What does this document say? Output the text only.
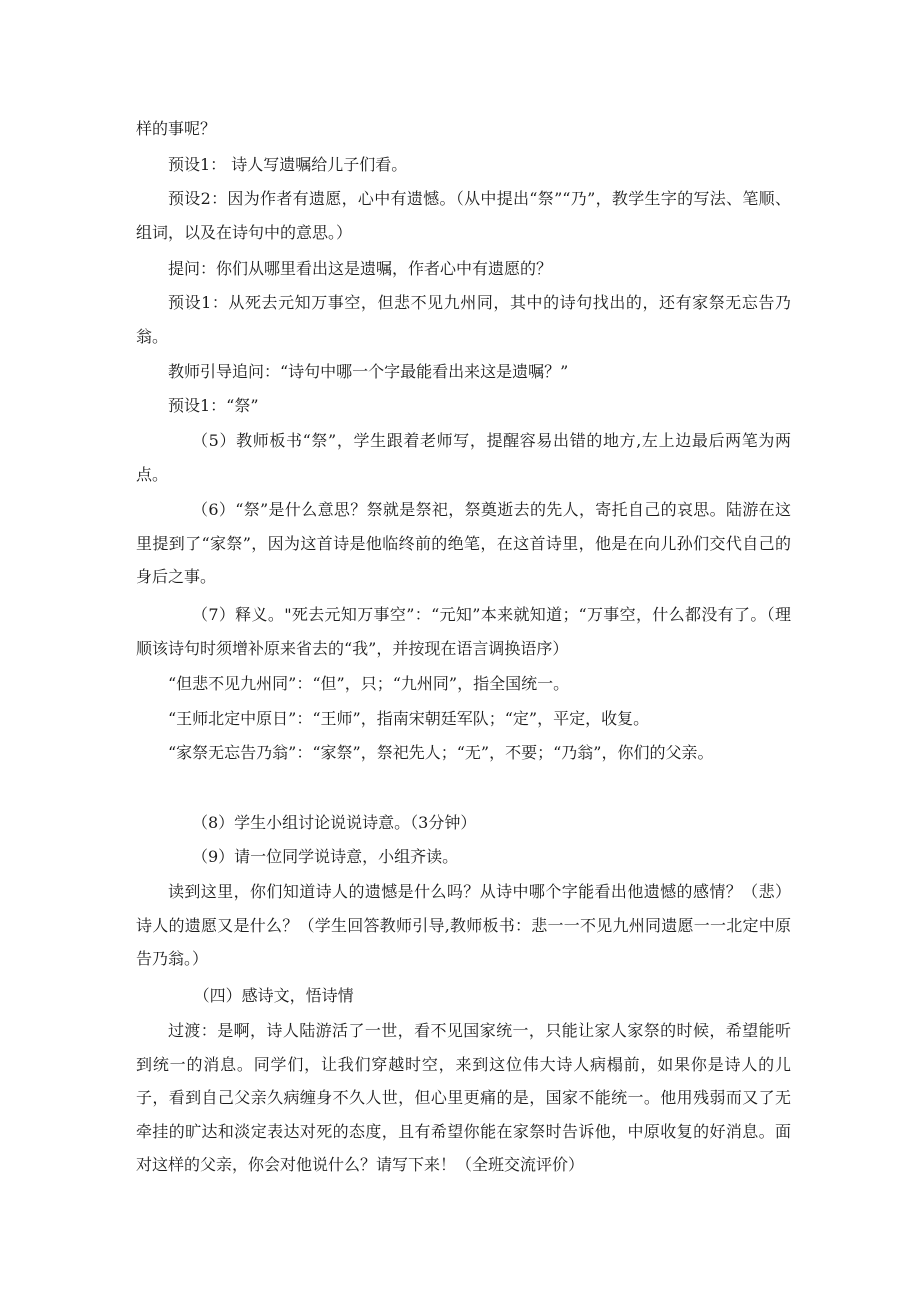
样的事呢？

预设1： 诗人写遗嘱给儿子们看。

预设2：因为作者有遗愿，心中有遗憾。（从中提出“祭”“乃”，教学生字的写法、笔顺、组词，以及在诗句中的意思。）

提问：你们从哪里看出这是遗嘱，作者心中有遗愿的？

预设1：从死去元知万事空，但悲不见九州同，其中的诗句找出的，还有家祭无忘告乃翁。

教师引导追问：“诗句中哪一个字最能看出来这是遗嘱？”

预设1：“祭”

（5）教师板书“祭”，学生跟着老师写，提醒容易出错的地方,左上边最后两笔为两点。

（6）“祭”是什么意思？祭就是祭祀，祭奠逝去的先人，寄托自己的哀思。陆游在这里提到了“家祭”，因为这首诗是他临终前的绝笔，在这首诗里，他是在向儿孙们交代自己的身后之事。

（7）释义。"死去元知万事空”：“元知”本来就知道；“万事空，什么都没有了。（理顺该诗句时须增补原来省去的“我”，并按现在语言调换语序）

“但悲不见九州同”：“但”，只；“九州同”，指全国统一。

“王师北定中原日”：“王师”，指南宋朝廷军队；“定”，平定，收复。

“家祭无忘告乃翁”：“家祭”，祭祀先人；“无”，不要；“乃翁”，你们的父亲。

（8）学生小组讨论说说诗意。（3分钟）

（9）请一位同学说诗意，小组齐读。

读到这里，你们知道诗人的遗憾是什么吗？从诗中哪个字能看出他遗憾的感情？（悲）诗人的遗愿又是什么？（学生回答教师引导,教师板书：悲一一不见九州同遗愿一一北定中原告乃翁。）

（四）感诗文，悟诗情

过渡：是啊，诗人陆游活了一世，看不见国家统一，只能让家人家祭的时候，希望能听到统一的消息。同学们，让我们穿越时空，来到这位伟大诗人病榻前，如果你是诗人的儿子，看到自己父亲久病缠身不久人世，但心里更痛的是，国家不能统一。他用残弱而又了无牵挂的旷达和淡定表达对死的态度，且有希望你能在家祭时告诉他，中原收复的好消息。面对这样的父亲，你会对他说什么？请写下来！（全班交流评价）
